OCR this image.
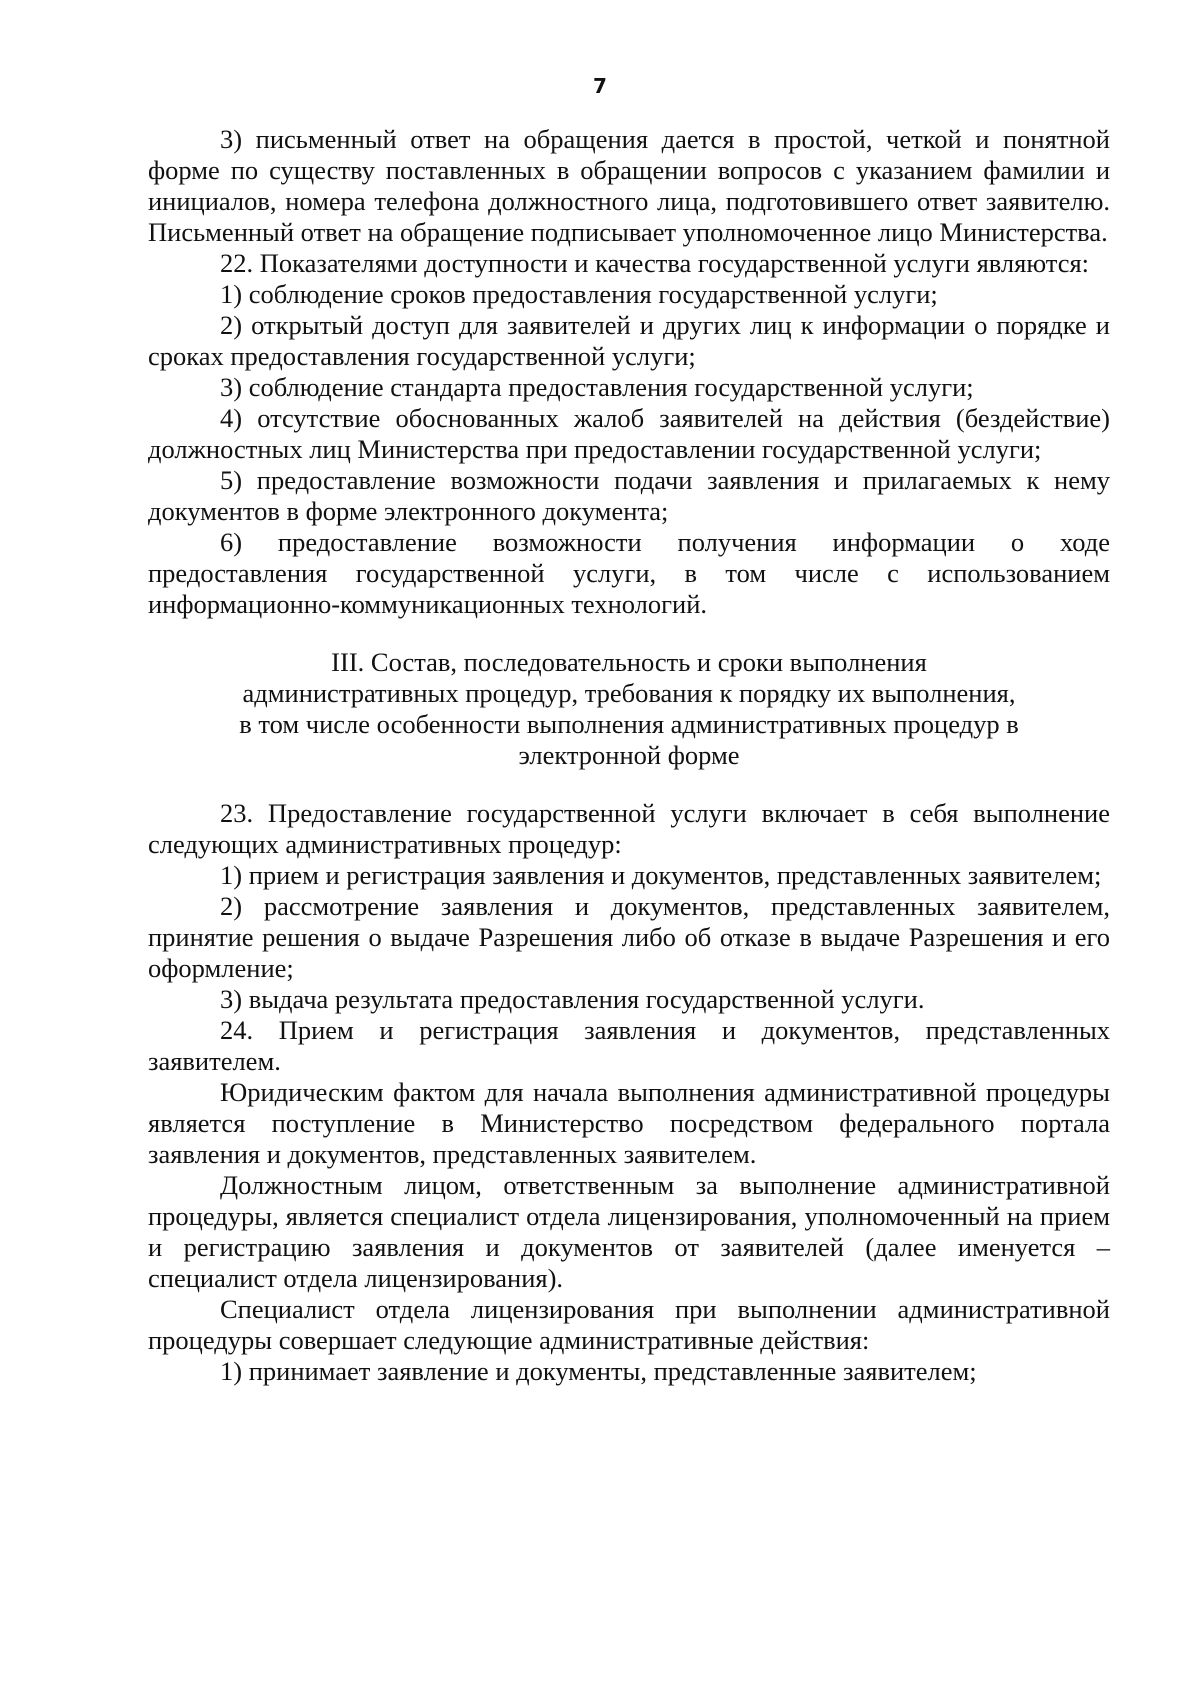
7

3) письменный ответ на обращения дается в простой, четкой и понятной форме по существу поставленных в обращении вопросов с указанием фамилии и инициалов, номера телефона должностного лица, подготовившего ответ заявителю. Письменный ответ на обращение подписывает уполномоченное лицо Министерства.

22. Показателями доступности и качества государственной услуги являются:

1) соблюдение сроков предоставления государственной услуги;

2) открытый доступ для заявителей и других лиц к информации о порядке и сроках предоставления государственной услуги;

3) соблюдение стандарта предоставления государственной услуги;

4) отсутствие обоснованных жалоб заявителей на действия (бездействие) должностных лиц Министерства при предоставлении государственной услуги;

5) предоставление возможности подачи заявления и прилагаемых к нему документов в форме электронного документа;

6) предоставление возможности получения информации о ходе предоставления государственной услуги, в том числе с использованием информационно-коммуникационных технологий.

III. Состав, последовательность и сроки выполнения
административных процедур, требования к порядку их выполнения,
в том числе особенности выполнения административных процедур в
электронной форме

23. Предоставление государственной услуги включает в себя выполнение следующих административных процедур:

1) прием и регистрация заявления и документов, представленных заявителем;

2) рассмотрение заявления и документов, представленных заявителем, принятие решения о выдаче Разрешения либо об отказе в выдаче Разрешения и его оформление;

3) выдача результата предоставления государственной услуги.

24. Прием и регистрация заявления и документов, представленных заявителем.

Юридическим фактом для начала выполнения административной процедуры является поступление в Министерство посредством федерального портала заявления и документов, представленных заявителем.

Должностным лицом, ответственным за выполнение административной процедуры, является специалист отдела лицензирования, уполномоченный на прием и регистрацию заявления и документов от заявителей (далее именуется – специалист отдела лицензирования).

Специалист отдела лицензирования при выполнении административной процедуры совершает следующие административные действия:

1) принимает заявление и документы, представленные заявителем;
